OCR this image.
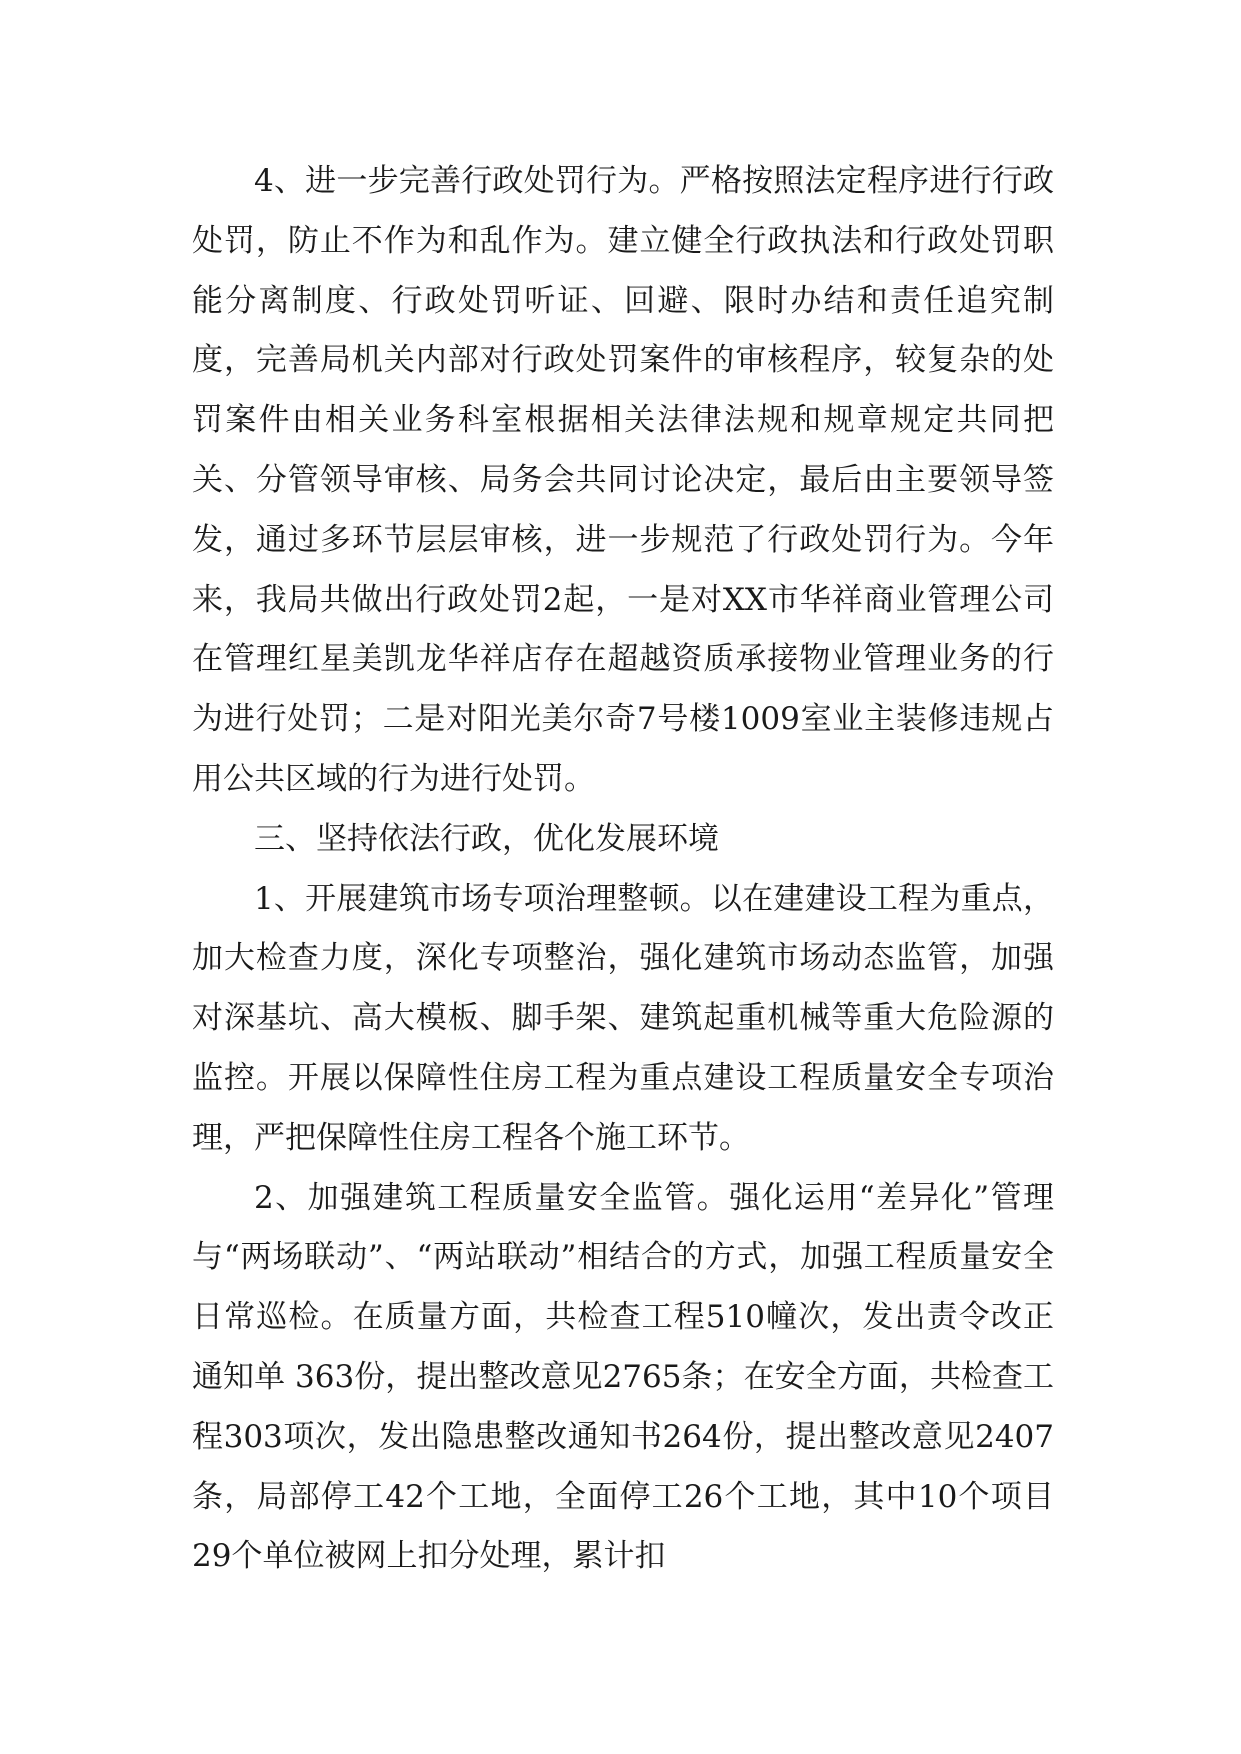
4、进一步完善行政处罚行为。严格按照法定程序进行行政处罚，防止不作为和乱作为。建立健全行政执法和行政处罚职能分离制度、行政处罚听证、回避、限时办结和责任追究制度，完善局机关内部对行政处罚案件的审核程序，较复杂的处罚案件由相关业务科室根据相关法律法规和规章规定共同把关、分管领导审核、局务会共同讨论决定，最后由主要领导签发，通过多环节层层审核，进一步规范了行政处罚行为。今年来，我局共做出行政处罚2起，一是对XX市华祥商业管理公司在管理红星美凯龙华祥店存在超越资质承接物业管理业务的行为进行处罚；二是对阳光美尔奇7号楼1009室业主装修违规占用公共区域的行为进行处罚。

三、坚持依法行政，优化发展环境

1、开展建筑市场专项治理整顿。以在建建设工程为重点，加大检查力度，深化专项整治，强化建筑市场动态监管，加强对深基坑、高大模板、脚手架、建筑起重机械等重大危险源的监控。开展以保障性住房工程为重点建设工程质量安全专项治理，严把保障性住房工程各个施工环节。

2、加强建筑工程质量安全监管。强化运用“差异化”管理与“两场联动”、“两站联动”相结合的方式，加强工程质量安全日常巡检。在质量方面，共检查工程510幢次，发出责令改正通知单 363份，提出整改意见2765条；在安全方面，共检查工程303项次，发出隐患整改通知书264份，提出整改意见2407条，局部停工42个工地，全面停工26个工地，其中10个项目29个单位被网上扣分处理，累计扣
